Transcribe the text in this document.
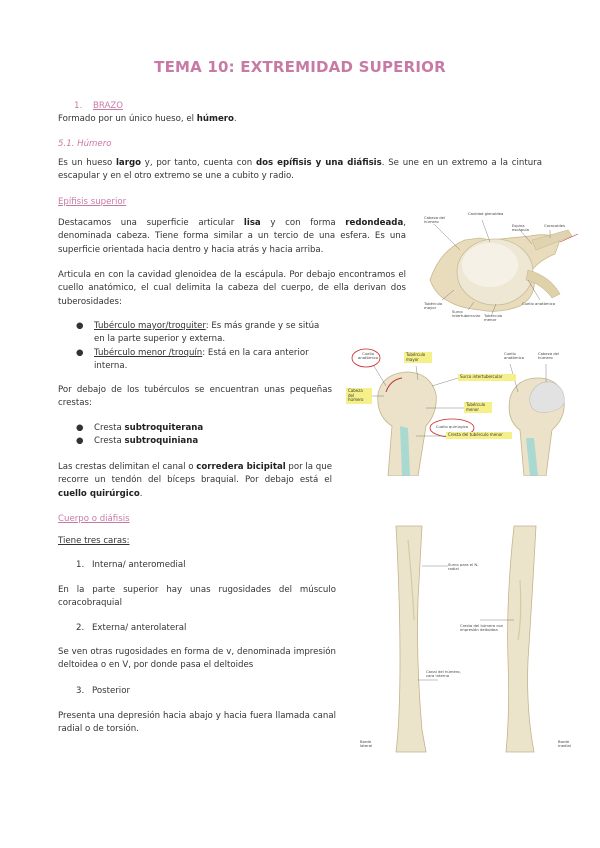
TEMA 10: EXTREMIDAD SUPERIOR
1. BRAZO
Formado por un único hueso, el húmero.
5.1. Húmero
Es un hueso largo y, por tanto, cuenta con dos epífisis y una diáfisis. Se une en un extremo a la cintura escapular y en el otro extremo se une a cubito y radio.
Epífisis superior
Destacamos una superficie articular lisa y con forma redondeada, denominada cabeza. Tiene forma similar a un tercio de una esfera. Es una superficie orientada hacia dentro y hacia atrás y hacia arriba.
Articula en con la cavidad glenoidea de la escápula. Por debajo encontramos el cuello anatómico, el cual delimita la cabeza del cuerpo, de ella derivan dos tuberosidades:
● Tubérculo mayor/troquiter: Es más grande y se sitúa en la parte superior y externa.
● Tubérculo menor /troquín: Está en la cara anterior interna.
Por debajo de los tubérculos se encuentran unas pequeñas crestas:
● Cresta subtroquiterana
● Cresta subtroquiniana
Las crestas delimitan el canal o corredera bicipital por la que recorre un tendón del bíceps braquial. Por debajo está el cuello quirúrgico.
Cuerpo o diáfisis
Tiene tres caras:
1. Interna/ anteromedial
En la parte superior hay unas rugosidades del músculo coracobraquial
2. Externa/ anterolateral
Se ven otras rugosidades en forma de v, denominada impresión deltoidea o en V, por donde pasa el deltoides
3. Posterior
Presenta una depresión hacia abajo y hacia fuera llamada canal radial o de torsión.
Cabeza del húmero
Cavidad glenoidea
Espina escápula
Coracoides
Cuello anatómico
Tubérculo mayor
Surco intertubercular Tubérculo menor
Cuello anatómico
Tubérculo mayor
Cabeza del húmero
Surco intertubercular
Tubérculo menor
Cresta del tubérculo menor
Cuello quirúrgico
Cuello anatómico
Cabeza del húmero
Surco para el N. radial
Cresta del húmero con impresión deltoidea
Canal del húmero, cara interna
Borde lateral
Borde medial
